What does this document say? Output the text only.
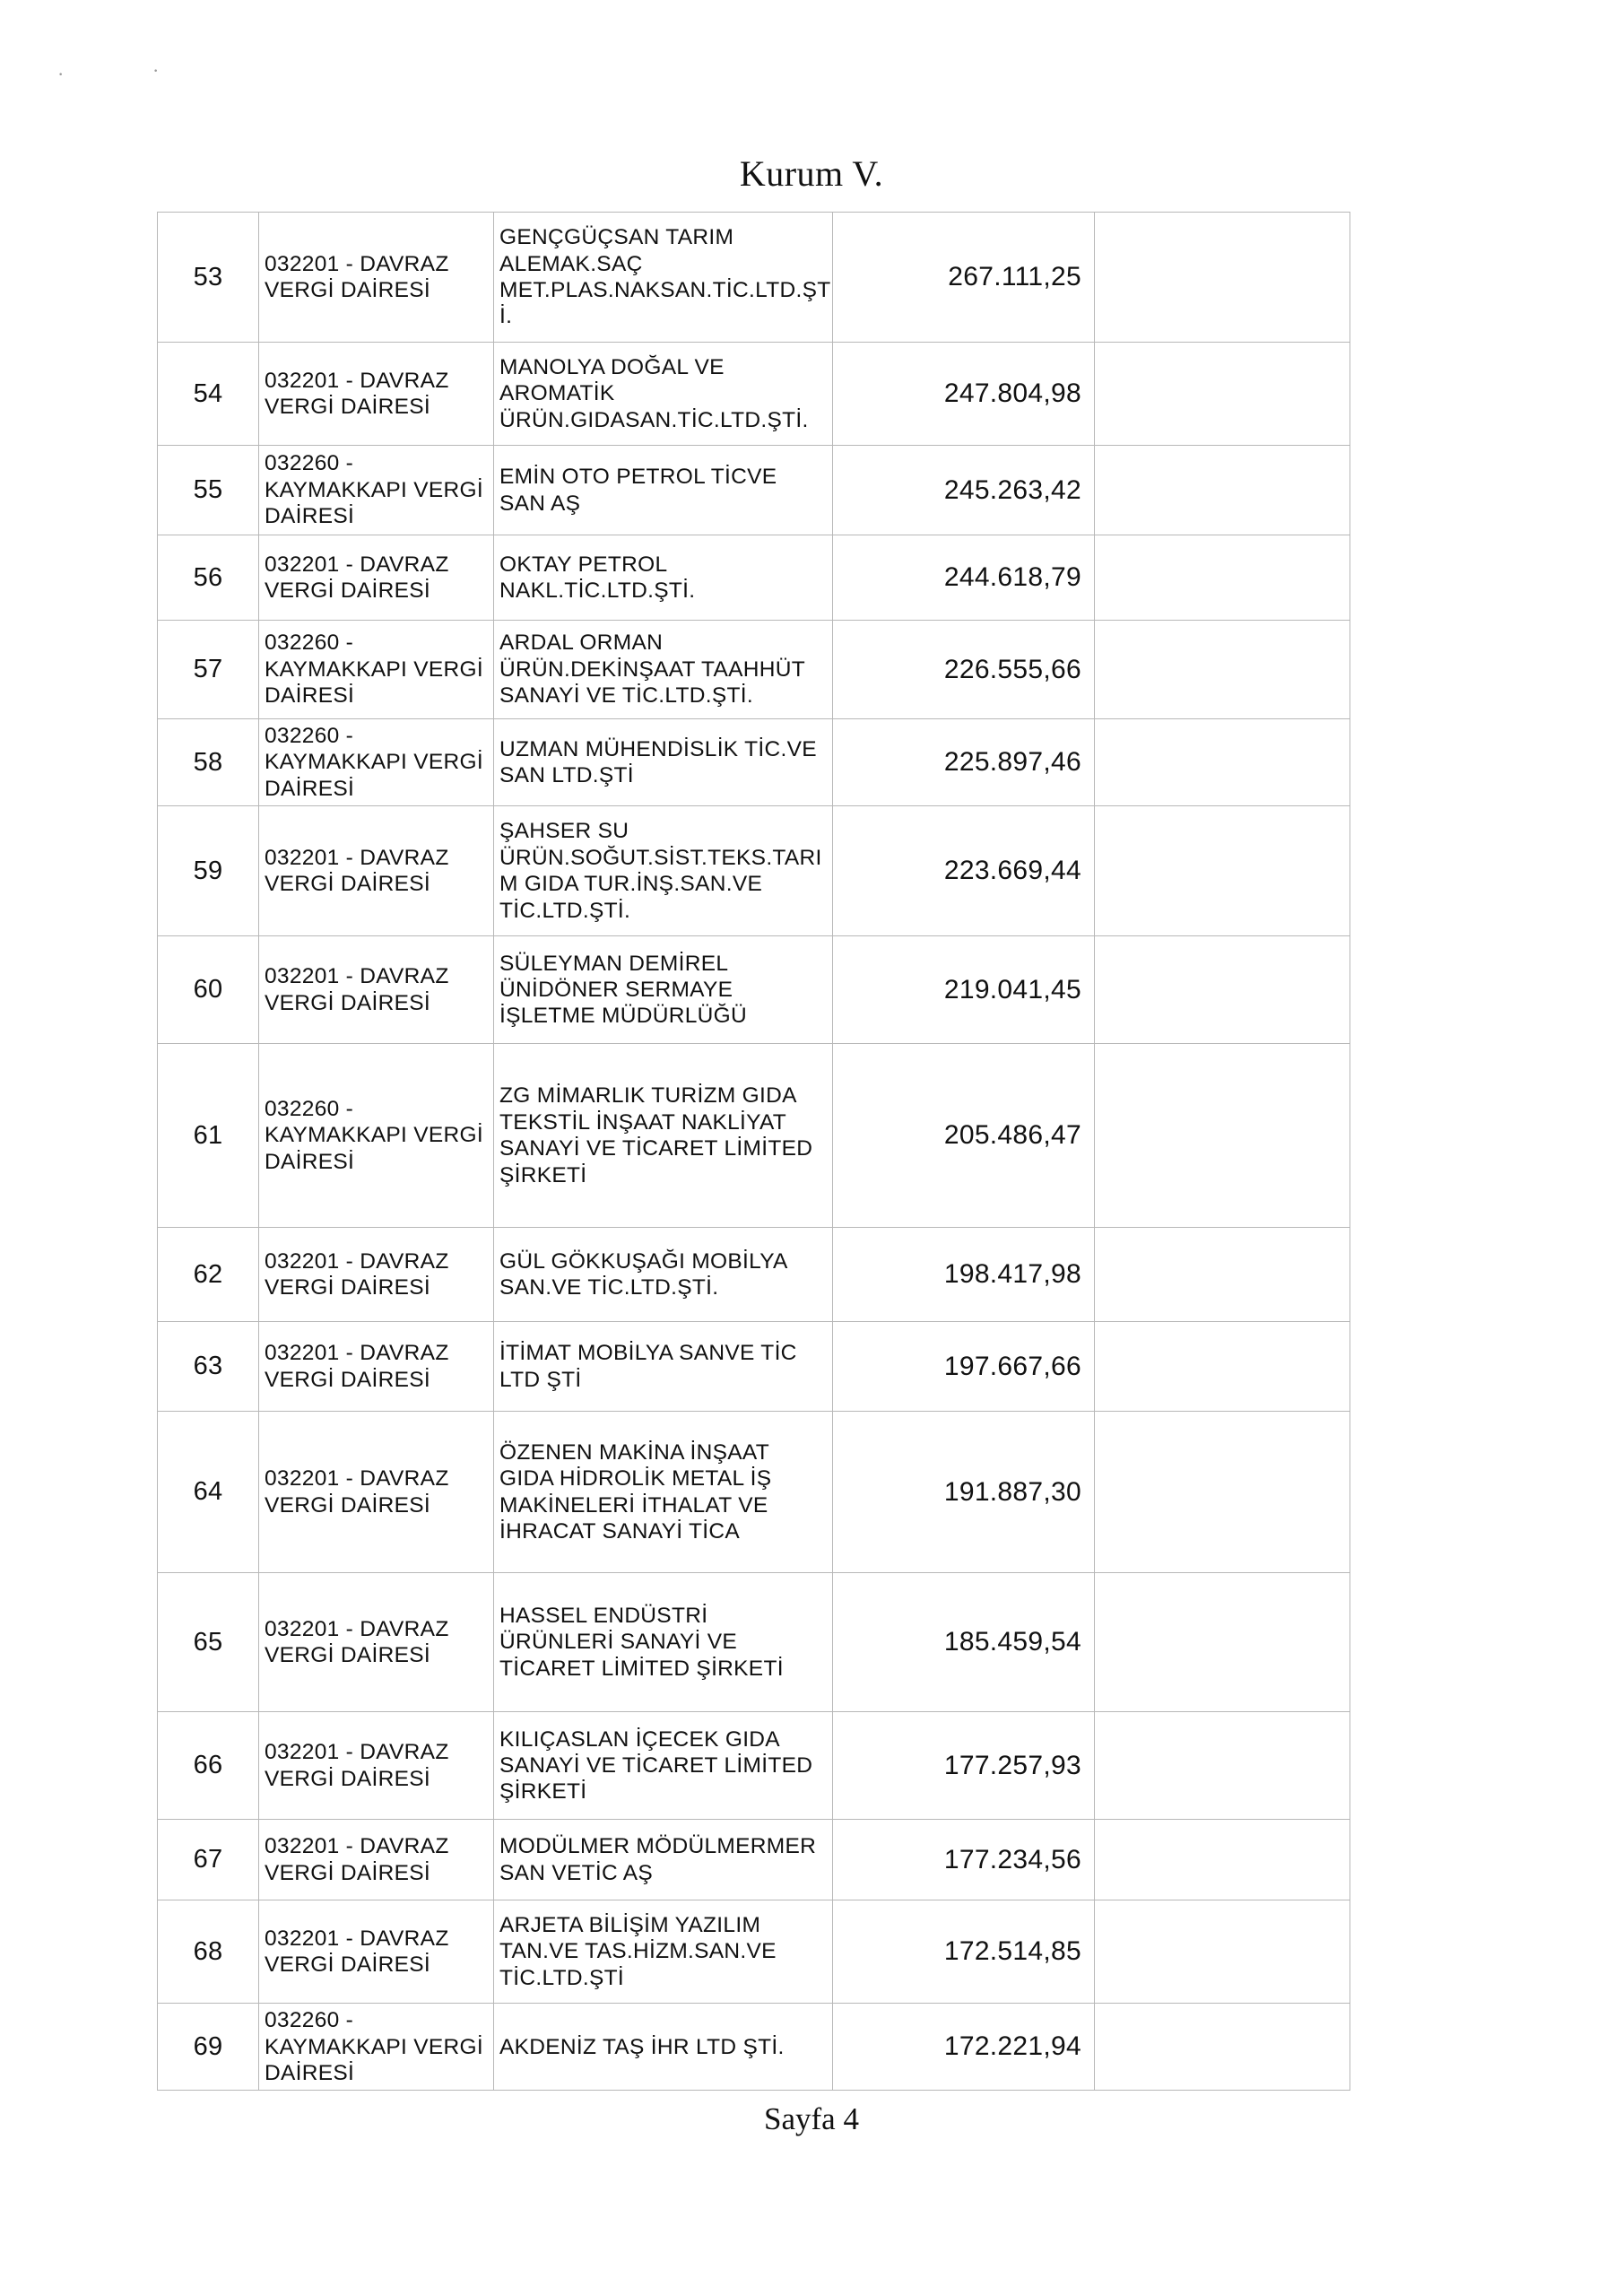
·	·
Kurum V.
53	032201 - DAVRAZ VERGİ DAİRESİ	GENÇGÜÇSAN TARIM ALEMAK.SAÇ MET.PLAS.NAKSAN.TİC.LTD.ŞT İ.	267.111,25	
54	032201 - DAVRAZ VERGİ DAİRESİ	MANOLYA DOĞAL VE AROMATİK ÜRÜN.GIDASAN.TİC.LTD.ŞTİ.	247.804,98	
55	032260 - KAYMAKKAPI VERGİ DAİRESİ	EMİN OTO PETROL TİCVE SAN AŞ	245.263,42	
56	032201 - DAVRAZ VERGİ DAİRESİ	OKTAY PETROL NAKL.TİC.LTD.ŞTİ.	244.618,79	
57	032260 - KAYMAKKAPI VERGİ DAİRESİ	ARDAL ORMAN ÜRÜN.DEKİNŞAAT TAAHHÜT SANAYİ VE TİC.LTD.ŞTİ.	226.555,66	
58	032260 - KAYMAKKAPI VERGİ DAİRESİ	UZMAN MÜHENDİSLİK TİC.VE SAN LTD.ŞTİ	225.897,46	
59	032201 - DAVRAZ VERGİ DAİRESİ	ŞAHSER SU ÜRÜN.SOĞUT.SİST.TEKS.TARI M GIDA TUR.İNŞ.SAN.VE TİC.LTD.ŞTİ.	223.669,44	
60	032201 - DAVRAZ VERGİ DAİRESİ	SÜLEYMAN DEMİREL ÜNİDÖNER SERMAYE İŞLETME MÜDÜRLÜĞÜ	219.041,45	
61	032260 - KAYMAKKAPI VERGİ DAİRESİ	ZG MİMARLIK TURİZM GIDA TEKSTİL İNŞAAT NAKLİYAT SANAYİ VE TİCARET LİMİTED ŞİRKETİ	205.486,47	
62	032201 - DAVRAZ VERGİ DAİRESİ	GÜL GÖKKUŞAĞI MOBİLYA SAN.VE TİC.LTD.ŞTİ.	198.417,98	
63	032201 - DAVRAZ VERGİ DAİRESİ	İTİMAT MOBİLYA SANVE TİC LTD ŞTİ	197.667,66	
64	032201 - DAVRAZ VERGİ DAİRESİ	ÖZENEN MAKİNA İNŞAAT GIDA HİDROLİK METAL İŞ MAKİNELERİ İTHALAT VE İHRACAT SANAYİ TİCA	191.887,30	
65	032201 - DAVRAZ VERGİ DAİRESİ	HASSEL ENDÜSTRİ ÜRÜNLERİ SANAYİ VE TİCARET LİMİTED ŞİRKETİ	185.459,54	
66	032201 - DAVRAZ VERGİ DAİRESİ	KILIÇASLAN İÇECEK GIDA SANAYİ VE TİCARET LİMİTED ŞİRKETİ	177.257,93	
67	032201 - DAVRAZ VERGİ DAİRESİ	MODÜLMER MÖDÜLMERMER SAN VETİC AŞ	177.234,56	
68	032201 - DAVRAZ VERGİ DAİRESİ	ARJETA BİLİŞİM YAZILIM TAN.VE TAS.HİZM.SAN.VE TİC.LTD.ŞTİ	172.514,85	
69	032260 - KAYMAKKAPI VERGİ DAİRESİ	AKDENİZ TAŞ İHR LTD ŞTİ.	172.221,94	
Sayfa 4
